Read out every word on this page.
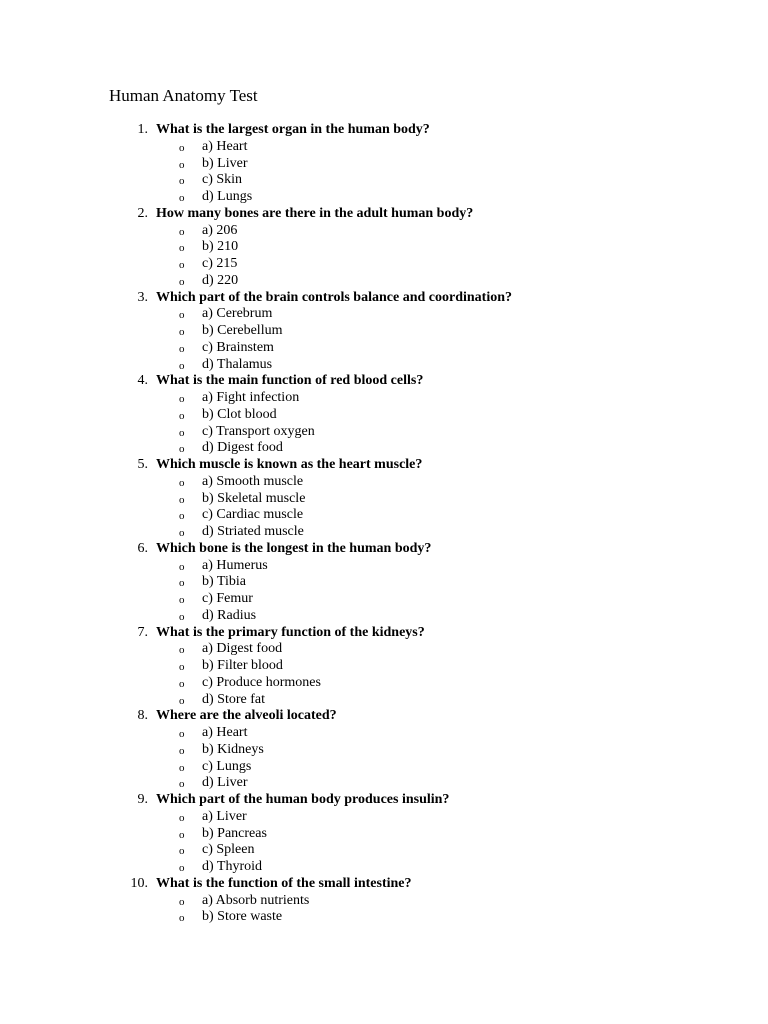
Human Anatomy Test
1. What is the largest organ in the human body?
o a) Heart
o b) Liver
o c) Skin
o d) Lungs
2. How many bones are there in the adult human body?
o a) 206
o b) 210
o c) 215
o d) 220
3. Which part of the brain controls balance and coordination?
o a) Cerebrum
o b) Cerebellum
o c) Brainstem
o d) Thalamus
4. What is the main function of red blood cells?
o a) Fight infection
o b) Clot blood
o c) Transport oxygen
o d) Digest food
5. Which muscle is known as the heart muscle?
o a) Smooth muscle
o b) Skeletal muscle
o c) Cardiac muscle
o d) Striated muscle
6. Which bone is the longest in the human body?
o a) Humerus
o b) Tibia
o c) Femur
o d) Radius
7. What is the primary function of the kidneys?
o a) Digest food
o b) Filter blood
o c) Produce hormones
o d) Store fat
8. Where are the alveoli located?
o a) Heart
o b) Kidneys
o c) Lungs
o d) Liver
9. Which part of the human body produces insulin?
o a) Liver
o b) Pancreas
o c) Spleen
o d) Thyroid
10. What is the function of the small intestine?
o a) Absorb nutrients
o b) Store waste
